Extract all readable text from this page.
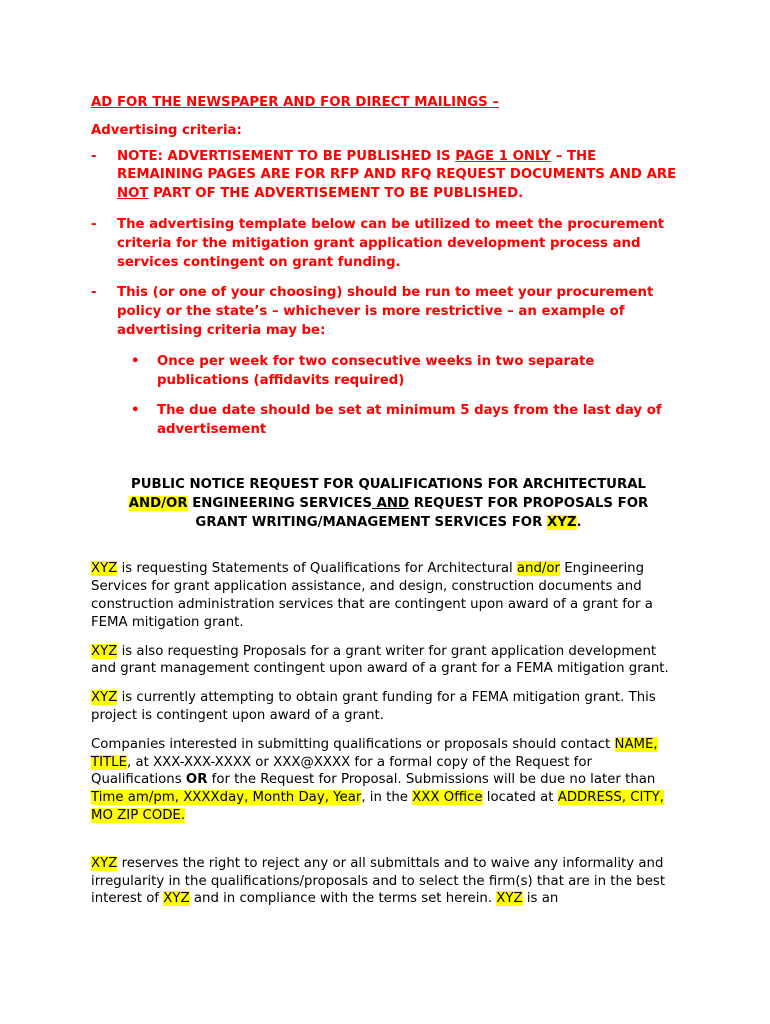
AD FOR THE NEWSPAPER AND FOR DIRECT MAILINGS –
Advertising criteria:
-	NOTE: ADVERTISEMENT TO BE PUBLISHED IS PAGE 1 ONLY – THE REMAINING PAGES ARE FOR RFP AND RFQ REQUEST DOCUMENTS AND ARE NOT PART OF THE ADVERTISEMENT TO BE PUBLISHED.
-	The advertising template below can be utilized to meet the procurement criteria for the mitigation grant application development process and services contingent on grant funding.
-	This (or one of your choosing) should be run to meet your procurement policy or the state’s – whichever is more restrictive – an example of advertising criteria may be:
•	Once per week for two consecutive weeks in two separate publications (affidavits required)
•	The due date should be set at minimum 5 days from the last day of advertisement
PUBLIC NOTICE REQUEST FOR QUALIFICATIONS FOR ARCHITECTURAL AND/OR ENGINEERING SERVICES AND REQUEST FOR PROPOSALS FOR GRANT WRITING/MANAGEMENT SERVICES FOR XYZ.

XYZ is requesting Statements of Qualifications for Architectural and/or Engineering Services for grant application assistance, and design, construction documents and construction administration services that are contingent upon award of a grant for a FEMA mitigation grant.

XYZ is also requesting Proposals for a grant writer for grant application development and grant management contingent upon award of a grant for a FEMA mitigation grant.

XYZ is currently attempting to obtain grant funding for a FEMA mitigation grant. This project is contingent upon award of a grant.

Companies interested in submitting qualifications or proposals should contact NAME, TITLE, at XXX-XXX-XXXX or XXX@XXXX for a formal copy of the Request for Qualifications OR for the Request for Proposal. Submissions will be due no later than Time am/pm, XXXXday, Month Day, Year, in the XXX Office located at ADDRESS, CITY, MO ZIP CODE.

XYZ reserves the right to reject any or all submittals and to waive any informality and irregularity in the qualifications/proposals and to select the firm(s) that are in the best interest of XYZ and in compliance with the terms set herein. XYZ is an
